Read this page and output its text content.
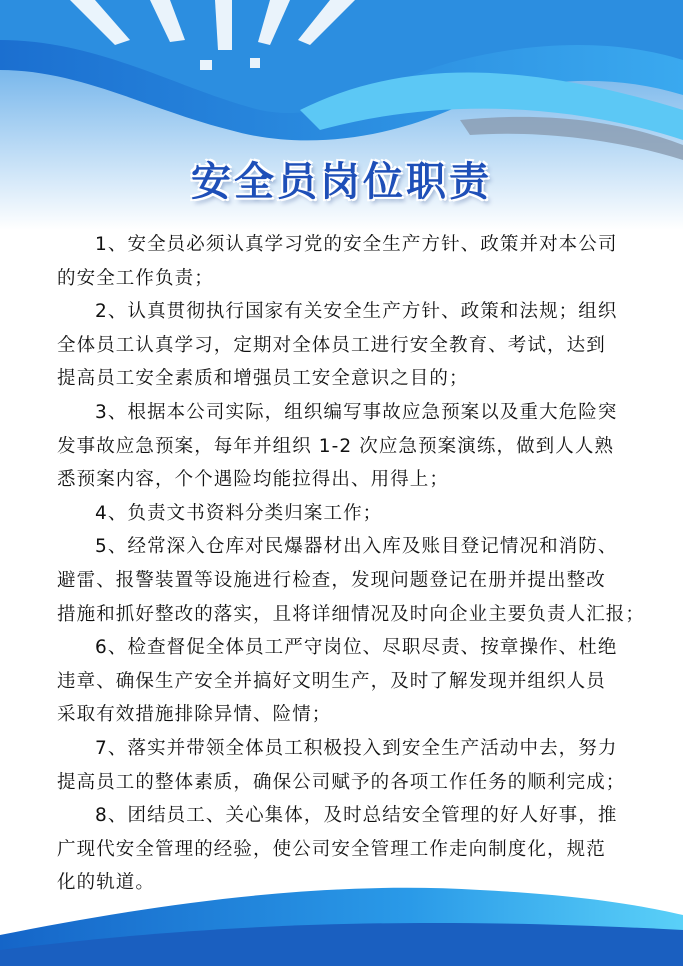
安全员岗位职责
1、安全员必须认真学习党的安全生产方针、政策并对本公司
的安全工作负责；
2、认真贯彻执行国家有关安全生产方针、政策和法规；组织
全体员工认真学习，定期对全体员工进行安全教育、考试，达到
提高员工安全素质和增强员工安全意识之目的；
3、根据本公司实际，组织编写事故应急预案以及重大危险突
发事故应急预案，每年并组织 1-2 次应急预案演练，做到人人熟
悉预案内容，个个遇险均能拉得出、用得上；
4、负责文书资料分类归案工作；
5、经常深入仓库对民爆器材出入库及账目登记情况和消防、
避雷、报警装置等设施进行检查，发现问题登记在册并提出整改
措施和抓好整改的落实，且将详细情况及时向企业主要负责人汇报；
6、检查督促全体员工严守岗位、尽职尽责、按章操作、杜绝
违章、确保生产安全并搞好文明生产，及时了解发现并组织人员
采取有效措施排除异情、险情；
7、落实并带领全体员工积极投入到安全生产活动中去，努力
提高员工的整体素质，确保公司赋予的各项工作任务的顺利完成；
8、团结员工、关心集体，及时总结安全管理的好人好事，推
广现代安全管理的经验，使公司安全管理工作走向制度化，规范
化的轨道。
